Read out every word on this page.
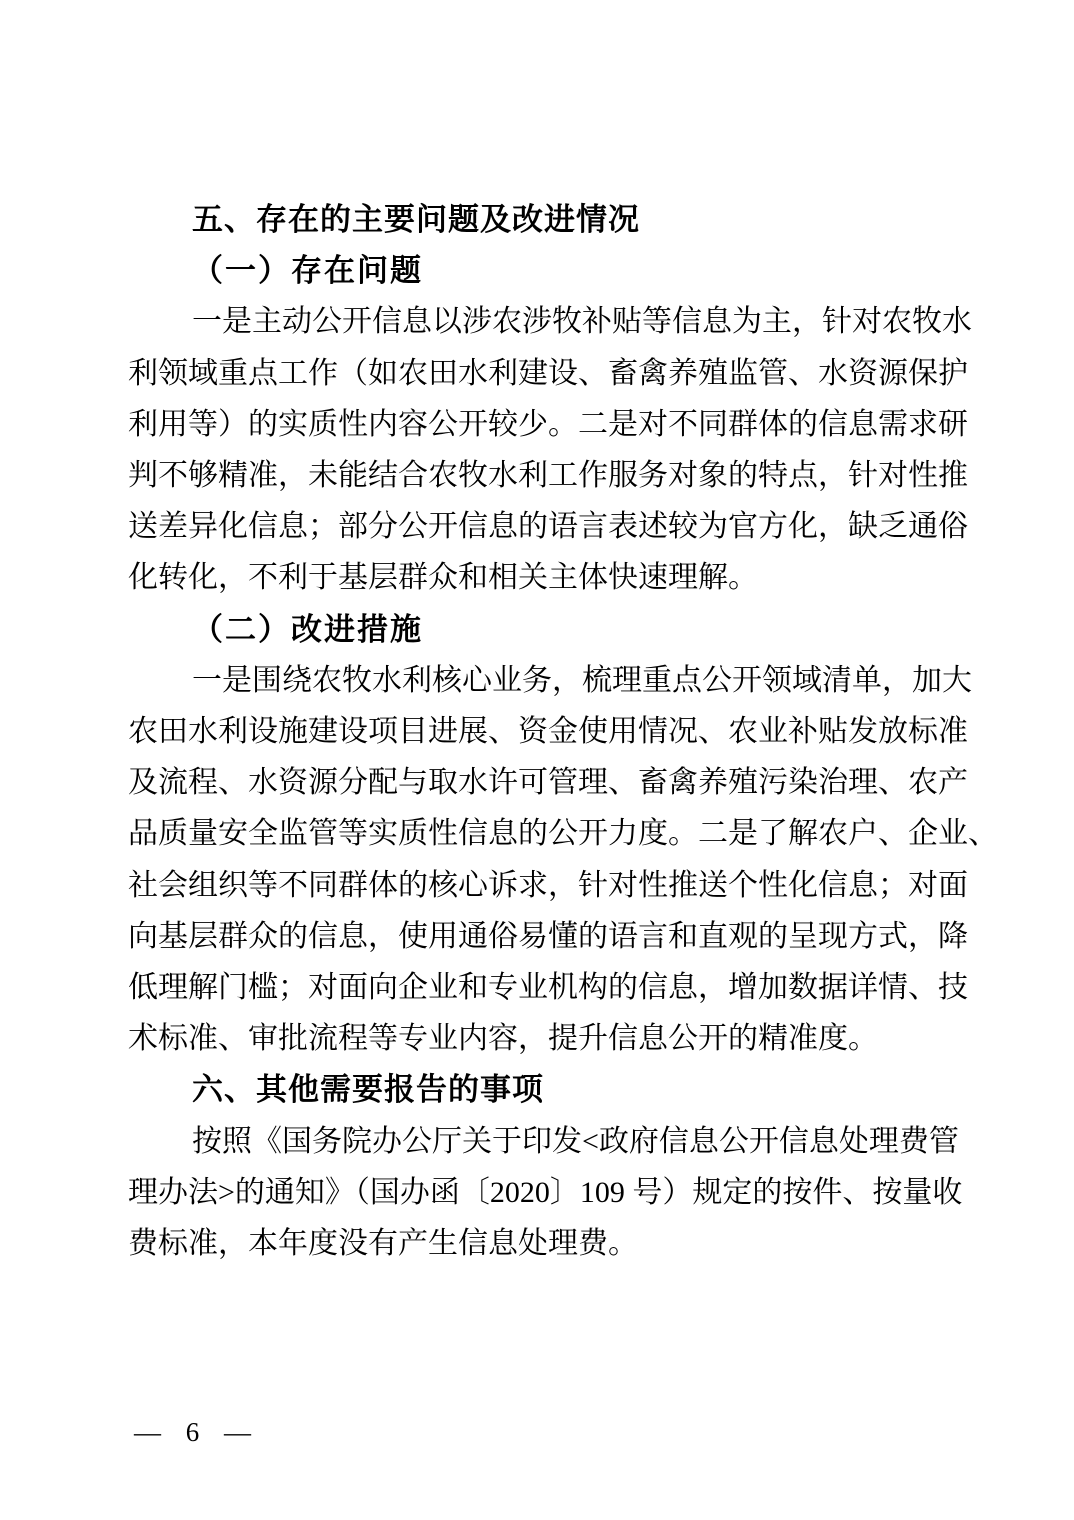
五、存在的主要问题及改进情况
（一）存在问题
一是主动公开信息以涉农涉牧补贴等信息为主，针对农牧水
利领域重点工作（如农田水利建设、畜禽养殖监管、水资源保护
利用等）的实质性内容公开较少。二是对不同群体的信息需求研
判不够精准，未能结合农牧水利工作服务对象的特点，针对性推
送差异化信息；部分公开信息的语言表述较为官方化，缺乏通俗
化转化，不利于基层群众和相关主体快速理解。
（二）改进措施
一是围绕农牧水利核心业务，梳理重点公开领域清单，加大
农田水利设施建设项目进展、资金使用情况、农业补贴发放标准
及流程、水资源分配与取水许可管理、畜禽养殖污染治理、农产
品质量安全监管等实质性信息的公开力度。二是了解农户、企业、
社会组织等不同群体的核心诉求，针对性推送个性化信息；对面
向基层群众的信息，使用通俗易懂的语言和直观的呈现方式，降
低理解门槛；对面向企业和专业机构的信息，增加数据详情、技
术标准、审批流程等专业内容，提升信息公开的精准度。
六、其他需要报告的事项
按照《国务院办公厅关于印发<政府信息公开信息处理费管
理办法>的通知》（国办函〔2020〕109 号）规定的按件、按量收
费标准，本年度没有产生信息处理费。
— 6 —
